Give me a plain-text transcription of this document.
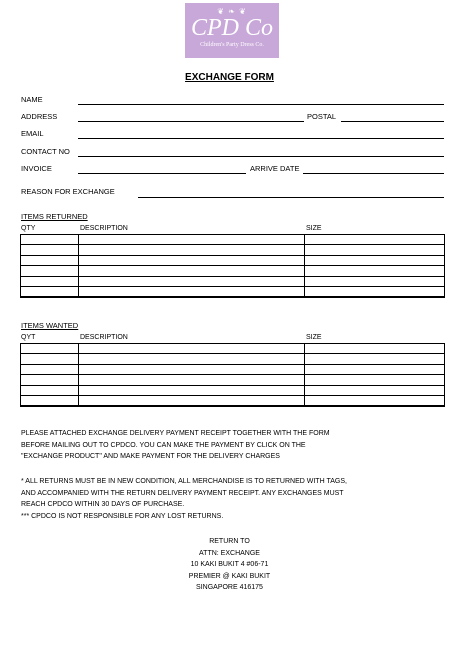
❦ ❧ ❦
CPD Co
Children's Party Dress Co.
EXCHANGE FORM
NAME
ADDRESS	POSTAL
EMAIL
CONTACT NO
INVOICE	ARRIVE DATE
REASON FOR EXCHANGE
ITEMS RETURNED
QTY	DESCRIPTION	SIZE

ITEMS WANTED
QYT	DESCRIPTION	SIZE

PLEASE ATTACHED EXCHANGE DELIVERY PAYMENT RECEIPT TOGETHER WITH THE FORM
BEFORE MAILING OUT TO CPDCO. YOU CAN MAKE THE PAYMENT BY CLICK ON THE
"EXCHANGE PRODUCT" AND MAKE PAYMENT FOR THE DELIVERY CHARGES
* ALL RETURNS MUST BE IN NEW CONDITION, ALL MERCHANDISE IS TO RETURNED WITH TAGS,
AND ACCOMPANIED WITH THE RETURN DELIVERY PAYMENT RECEIPT. ANY EXCHANGES MUST
REACH CPDCO WITHIN 30 DAYS OF PURCHASE.
*** CPDCO IS NOT RESPONSIBLE FOR ANY LOST RETURNS.
RETURN TO
ATTN: EXCHANGE
10 KAKI BUKIT 4 #06-71
PREMIER @ KAKI BUKIT
SINGAPORE 416175
